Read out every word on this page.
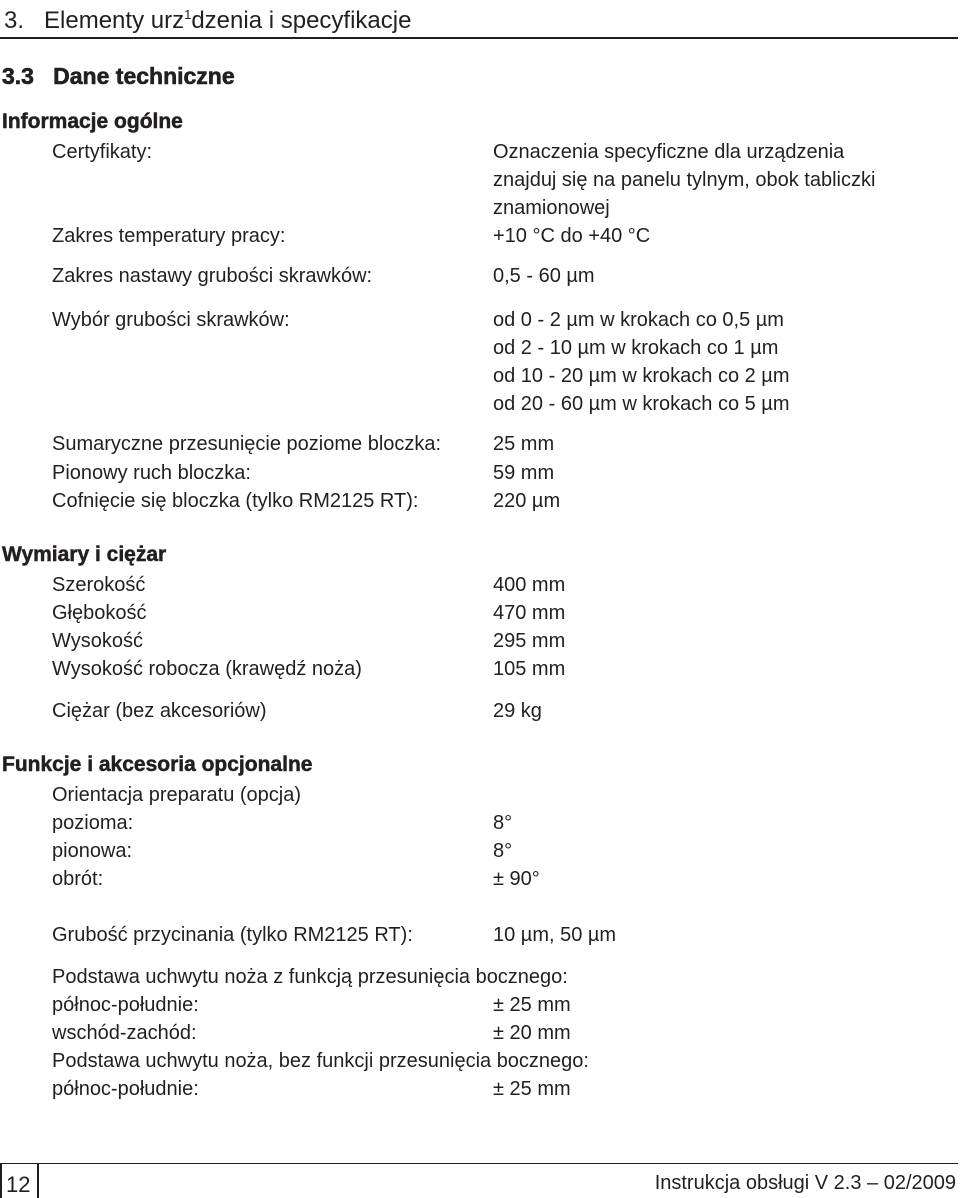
3. Elementy urz$^1$dzenia i specyfikacje
3.3 Dane techniczne
Informacje ogólne
Certyfikaty:	Oznaczenia specyficzne dla urządzenia
znajduj się na panelu tylnym, obok tabliczki
znamionowej
Zakres temperatury pracy:	+10 °C do +40 °C
Zakres nastawy grubości skrawków:	0,5 - 60 µm
Wybór grubości skrawków:	od 0 - 2 µm w krokach co 0,5 µm
od 2 - 10 µm w krokach co 1 µm
od 10 - 20 µm w krokach co 2 µm
od 20 - 60 µm w krokach co 5 µm
Sumaryczne przesunięcie poziome bloczka:	25 mm
Pionowy ruch bloczka:	59 mm
Cofnięcie się bloczka (tylko RM2125 RT):	220 µm
Wymiary i ciężar
Szerokość	400 mm
Głębokość	470 mm
Wysokość	295 mm
Wysokość robocza (krawędź noża)	105 mm
Ciężar (bez akcesoriów)	29 kg
Funkcje i akcesoria opcjonalne
Orientacja preparatu (opcja)
pozioma:	8°
pionowa:	8°
obrót:	± 90°
Grubość przycinania (tylko RM2125 RT):	10 µm, 50 µm
Podstawa uchwytu noża z funkcją przesunięcia bocznego:
północ-południe:	± 25 mm
wschód-zachód:	± 20 mm
Podstawa uchwytu noża, bez funkcji przesunięcia bocznego:
północ-południe:	± 25 mm
12	Instrukcja obsługi V 2.3 – 02/2009
